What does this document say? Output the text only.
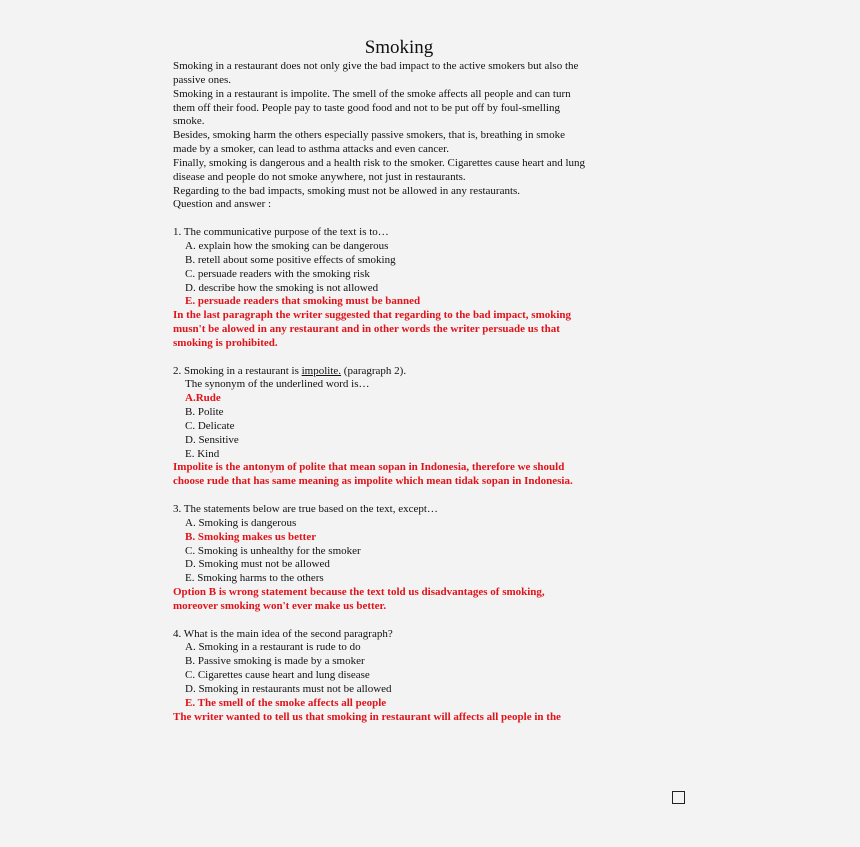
Smoking

Smoking in a restaurant does not only give the bad impact to the active smokers but also the

passive ones.

Smoking in a restaurant is impolite. The smell of the smoke affects all people and can turn

them off their food. People pay to taste good food and not to be put off by foul-smelling

smoke.

Besides, smoking harm the others especially passive smokers, that is, breathing in smoke

made by a smoker, can lead to asthma attacks and even cancer.

Finally, smoking is dangerous and a health risk to the smoker. Cigarettes cause heart and lung

disease and people do not smoke anywhere, not just in restaurants.

Regarding to the bad impacts, smoking must not be allowed in any restaurants.

Question and answer :

1. The communicative purpose of the text is to…

A. explain how the smoking can be dangerous

B. retell about some positive effects of smoking

C. persuade readers with the smoking risk

D. describe how the smoking is not allowed

E. persuade readers that smoking must be banned

In the last paragraph the writer suggested that regarding to the bad impact, smoking

musn't be alowed in any restaurant and in other words the writer persuade us that

smoking is prohibited.

2. Smoking in a restaurant is impolite. (paragraph 2).

The synonym of the underlined word is…

A.Rude

B. Polite

C. Delicate

D. Sensitive

E. Kind

Impolite is the antonym of polite that mean sopan in Indonesia, therefore we should

choose rude that has same meaning as impolite which mean tidak sopan in Indonesia.

3. The statements below are true based on the text, except…

A. Smoking is dangerous

B. Smoking makes us better

C. Smoking is unhealthy for the smoker

D. Smoking must not be allowed

E. Smoking harms to the others

Option B is wrong statement because the text told us disadvantages of smoking,

moreover smoking won't ever make us better.

4. What is the main idea of the second paragraph?

A. Smoking in a restaurant is rude to do

B. Passive smoking is made by a smoker

C. Cigarettes cause heart and lung disease

D. Smoking in restaurants must not be allowed

E. The smell of the smoke affects all people

The writer wanted to tell us that smoking in restaurant will affects all people in the
